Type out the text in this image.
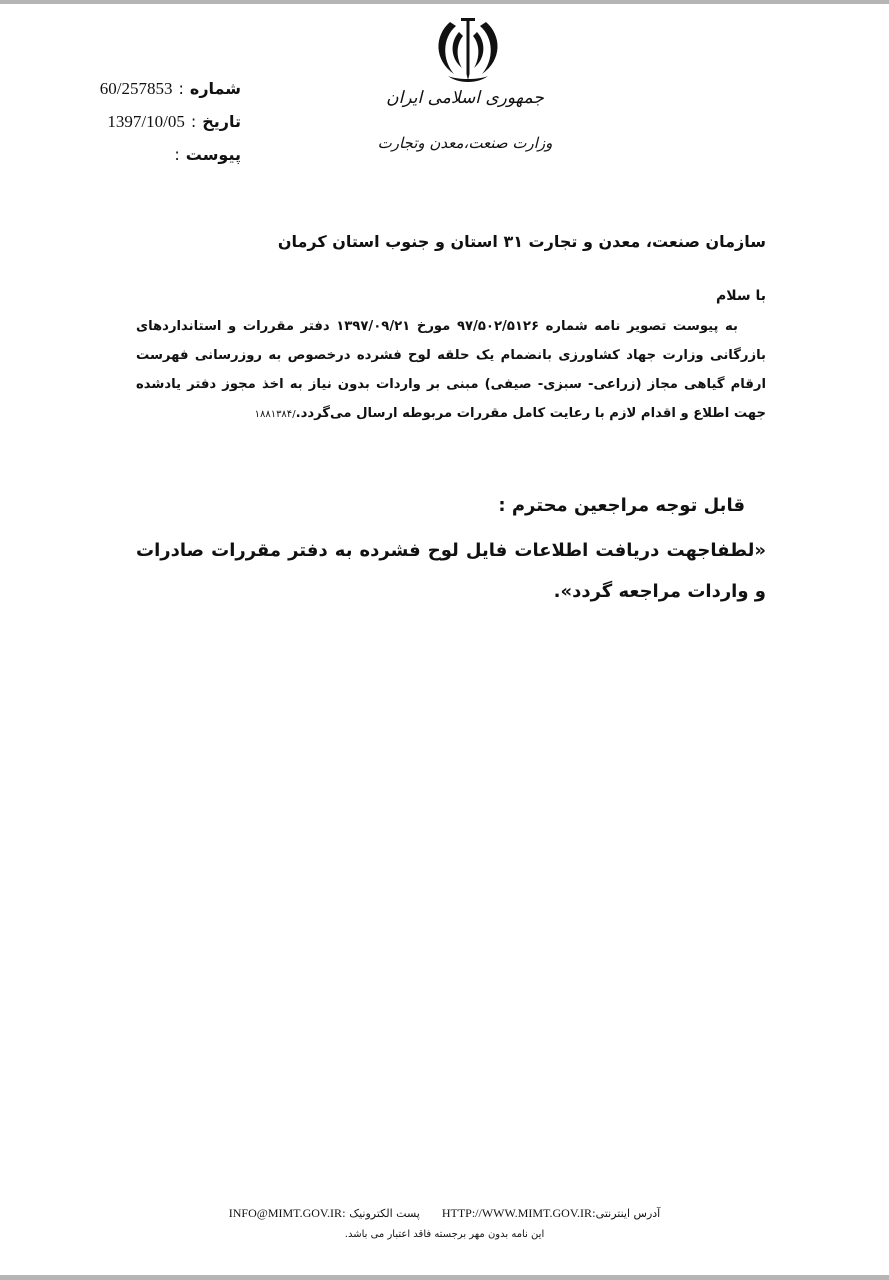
شماره
:
60/257853
تاریخ
:
1397/10/05
پیوست
:
جمهوری اسلامی ایران
وزارت صنعت،معدن وتجارت
سازمان صنعت، معدن و تجارت ۳۱ استان و جنوب استان کرمان
با سلام
به پیوست تصویر نامه شماره ۹۷/۵۰۲/۵۱۲۶ مورخ ۱۳۹۷/۰۹/۲۱ دفتر مقررات و استانداردهای بازرگانی وزارت جهاد کشاورزی بانضمام یک حلقه لوح فشرده درخصوص به روزرسانی فهرست ارقام گیاهی مجاز (زراعی- سبزی- صیفی) مبنی بر واردات بدون نیاز به اخذ مجوز دفتر یادشده جهت اطلاع و اقدام لازم با رعایت کامل مقررات مربوطه ارسال می‌گردد./۱۸۸۱۳۸۴
قابل توجه مراجعین محترم :
«لطفاجهت دریافت اطلاعات فایل لوح فشرده به دفتر مقررات صادرات و واردات مراجعه گردد».
آدرس اینترنتی:HTTP://WWW.MIMT.GOV.IRپست الکترونیک :INFO@MIMT.GOV.IR
این نامه بدون مهر برجسته فاقد اعتبار می باشد.
